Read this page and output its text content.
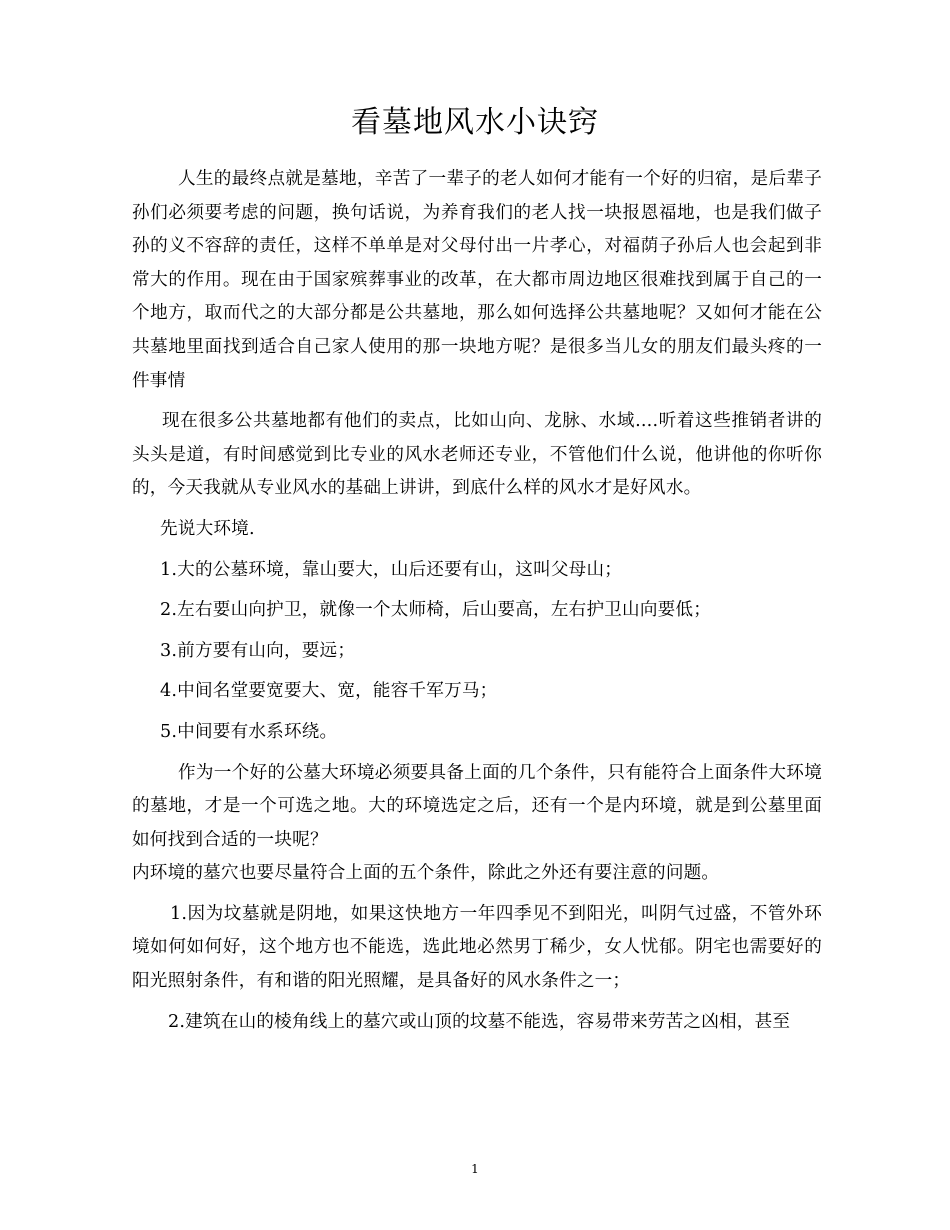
看墓地风水小诀窍

人生的最终点就是墓地，辛苦了一辈子的老人如何才能有一个好的归宿，是后辈子孙们必须要考虑的问题，换句话说，为养育我们的老人找一块报恩福地，也是我们做子孙的义不容辞的责任，这样不单单是对父母付出一片孝心，对福荫子孙后人也会起到非常大的作用。现在由于国家殡葬事业的改革，在大都市周边地区很难找到属于自己的一个地方，取而代之的大部分都是公共墓地，那么如何选择公共墓地呢？又如何才能在公共墓地里面找到适合自己家人使用的那一块地方呢？是很多当儿女的朋友们最头疼的一件事情

现在很多公共墓地都有他们的卖点，比如山向、龙脉、水域....听着这些推销者讲的头头是道，有时间感觉到比专业的风水老师还专业，不管他们什么说，他讲他的你听你的，今天我就从专业风水的基础上讲讲，到底什么样的风水才是好风水。

先说大环境.

1.大的公墓环境，靠山要大，山后还要有山，这叫父母山；

2.左右要山向护卫，就像一个太师椅，后山要高，左右护卫山向要低；

3.前方要有山向，要远；

4.中间名堂要宽要大、宽，能容千军万马；

5.中间要有水系环绕。

作为一个好的公墓大环境必须要具备上面的几个条件，只有能符合上面条件大环境的墓地，才是一个可选之地。大的环境选定之后，还有一个是内环境，就是到公墓里面如何找到合适的一块呢？

内环境的墓穴也要尽量符合上面的五个条件，除此之外还有要注意的问题。

1.因为坟墓就是阴地，如果这快地方一年四季见不到阳光，叫阴气过盛，不管外环境如何如何好，这个地方也不能选，选此地必然男丁稀少，女人忧郁。阴宅也需要好的阳光照射条件，有和谐的阳光照耀，是具备好的风水条件之一；

2.建筑在山的棱角线上的墓穴或山顶的坟墓不能选，容易带来劳苦之凶相，甚至

1
